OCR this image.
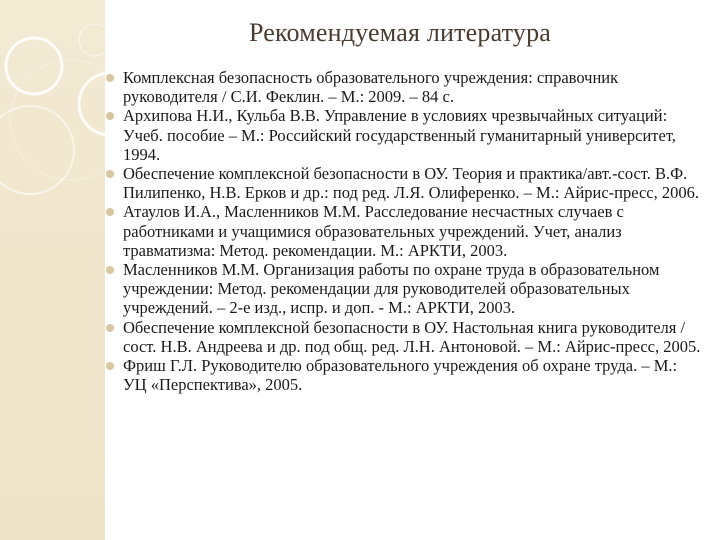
Рекомендуемая литература
Комплексная безопасность образовательного учреждения: справочник руководителя / С.И. Феклин. – М.: 2009. – 84 с.
Архипова Н.И., Кульба В.В. Управление в условиях чрезвычайных ситуаций: Учеб. пособие – М.: Российский государственный гуманитарный университет, 1994.
Обеспечение комплексной безопасности в ОУ. Теория и практика/авт.-сост. В.Ф. Пилипенко, Н.В. Ерков и др.: под ред. Л.Я. Олиференко. – М.: Айрис-пресс, 2006.
Атаулов И.А., Масленников М.М. Расследование несчастных случаев с работниками и учащимися образовательных учреждений. Учет, анализ травматизма: Метод. рекомендации. М.: АРКТИ, 2003.
Масленников М.М. Организация работы по охране труда в образовательном учреждении: Метод. рекомендации для руководителей образовательных учреждений. – 2-е изд., испр. и доп. - М.: АРКТИ, 2003.
Обеспечение комплексной безопасности в ОУ. Настольная книга руководителя / сост. Н.В. Андреева и др. под общ. ред. Л.Н. Антоновой. – М.: Айрис-пресс, 2005.
Фриш Г.Л. Руководителю образовательного учреждения об охране труда. – М.: УЦ «Перспектива», 2005.
